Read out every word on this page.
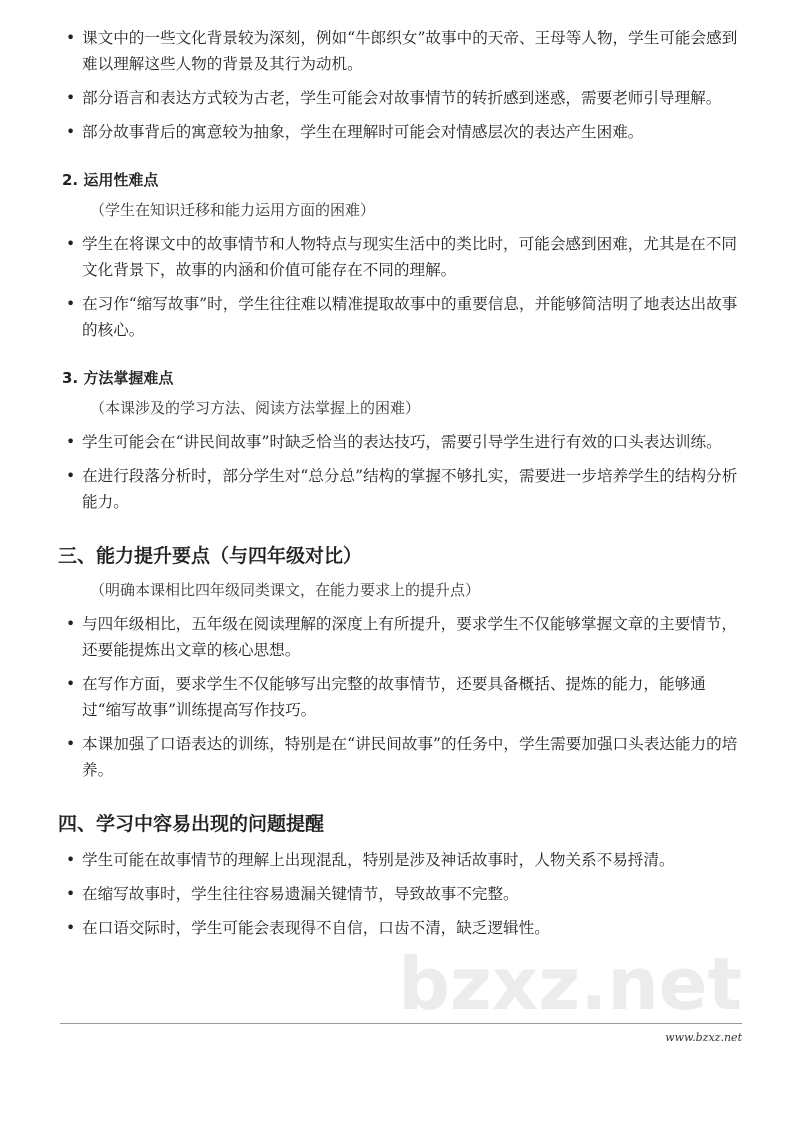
• 课文中的一些文化背景较为深刻，例如“牛郎织女”故事中的天帝、王母等人物，学生可能会感到难以理解这些人物的背景及其行为动机。
• 部分语言和表达方式较为古老，学生可能会对故事情节的转折感到迷惑，需要老师引导理解。
• 部分故事背后的寓意较为抽象，学生在理解时可能会对情感层次的表达产生困难。
2. 运用性难点
（学生在知识迁移和能力运用方面的困难）
• 学生在将课文中的故事情节和人物特点与现实生活中的类比时，可能会感到困难，尤其是在不同文化背景下，故事的内涵和价值可能存在不同的理解。
• 在习作“缩写故事”时，学生往往难以精准提取故事中的重要信息，并能够简洁明了地表达出故事的核心。
3. 方法掌握难点
（本课涉及的学习方法、阅读方法掌握上的困难）
• 学生可能会在“讲民间故事”时缺乏恰当的表达技巧，需要引导学生进行有效的口头表达训练。
• 在进行段落分析时，部分学生对“总分总”结构的掌握不够扎实，需要进一步培养学生的结构分析能力。
三、能力提升要点（与四年级对比）
（明确本课相比四年级同类课文，在能力要求上的提升点）
• 与四年级相比，五年级在阅读理解的深度上有所提升，要求学生不仅能够掌握文章的主要情节，还要能提炼出文章的核心思想。
• 在写作方面，要求学生不仅能够写出完整的故事情节，还要具备概括、提炼的能力，能够通过“缩写故事”训练提高写作技巧。
• 本课加强了口语表达的训练，特别是在“讲民间故事”的任务中，学生需要加强口头表达能力的培养。
四、学习中容易出现的问题提醒
• 学生可能在故事情节的理解上出现混乱，特别是涉及神话故事时，人物关系不易捋清。
• 在缩写故事时，学生往往容易遗漏关键情节，导致故事不完整。
• 在口语交际时，学生可能会表现得不自信，口齿不清，缺乏逻辑性。
bzxz.net
www.bzxz.net
